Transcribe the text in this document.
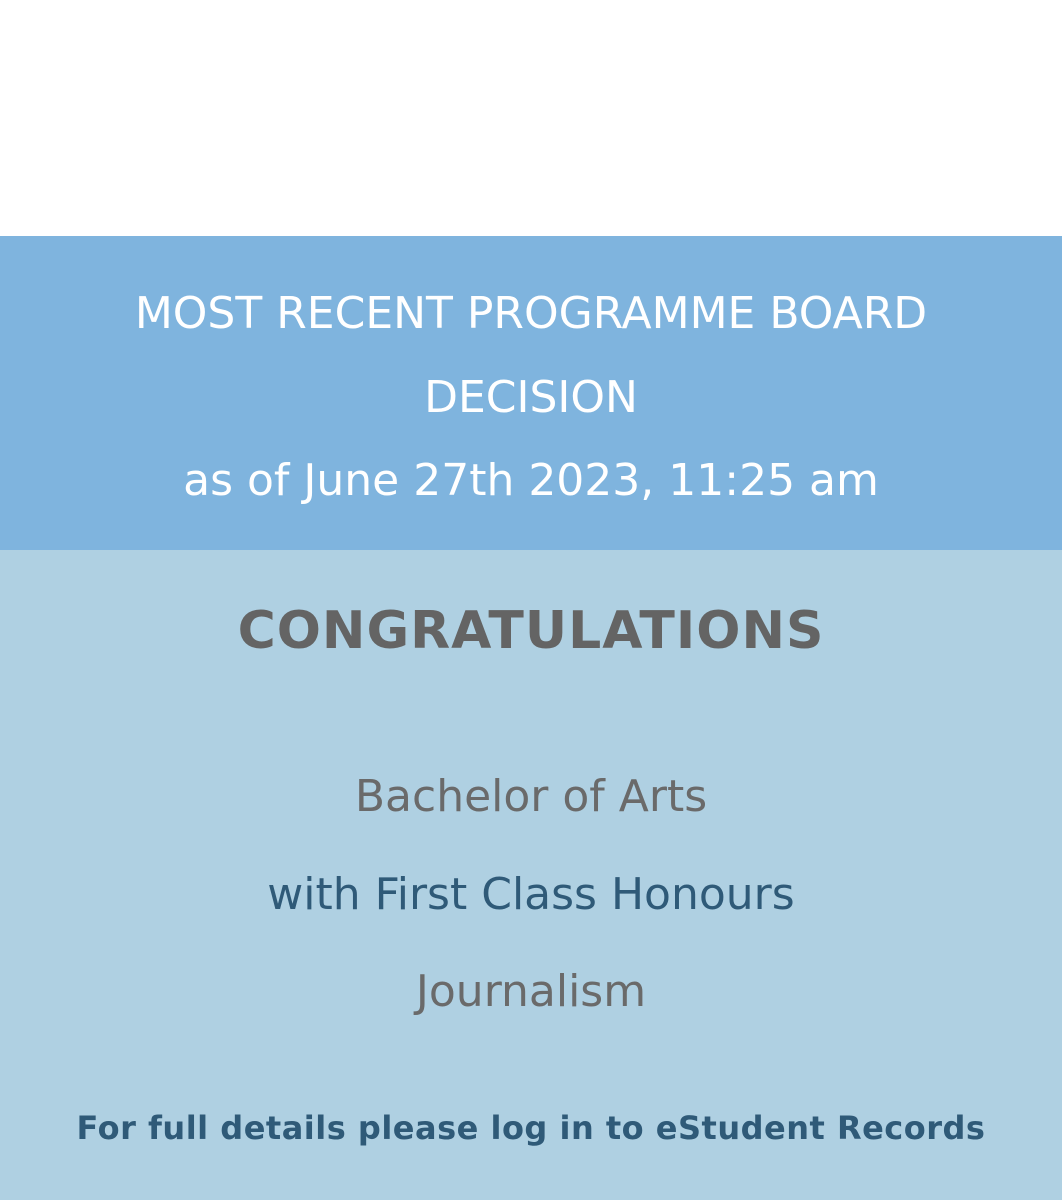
MOST RECENT PROGRAMME BOARD DECISION
as of June 27th 2023, 11:25 am
CONGRATULATIONS
Bachelor of Arts
with First Class Honours
Journalism
For full details please log in to eStudent Records
